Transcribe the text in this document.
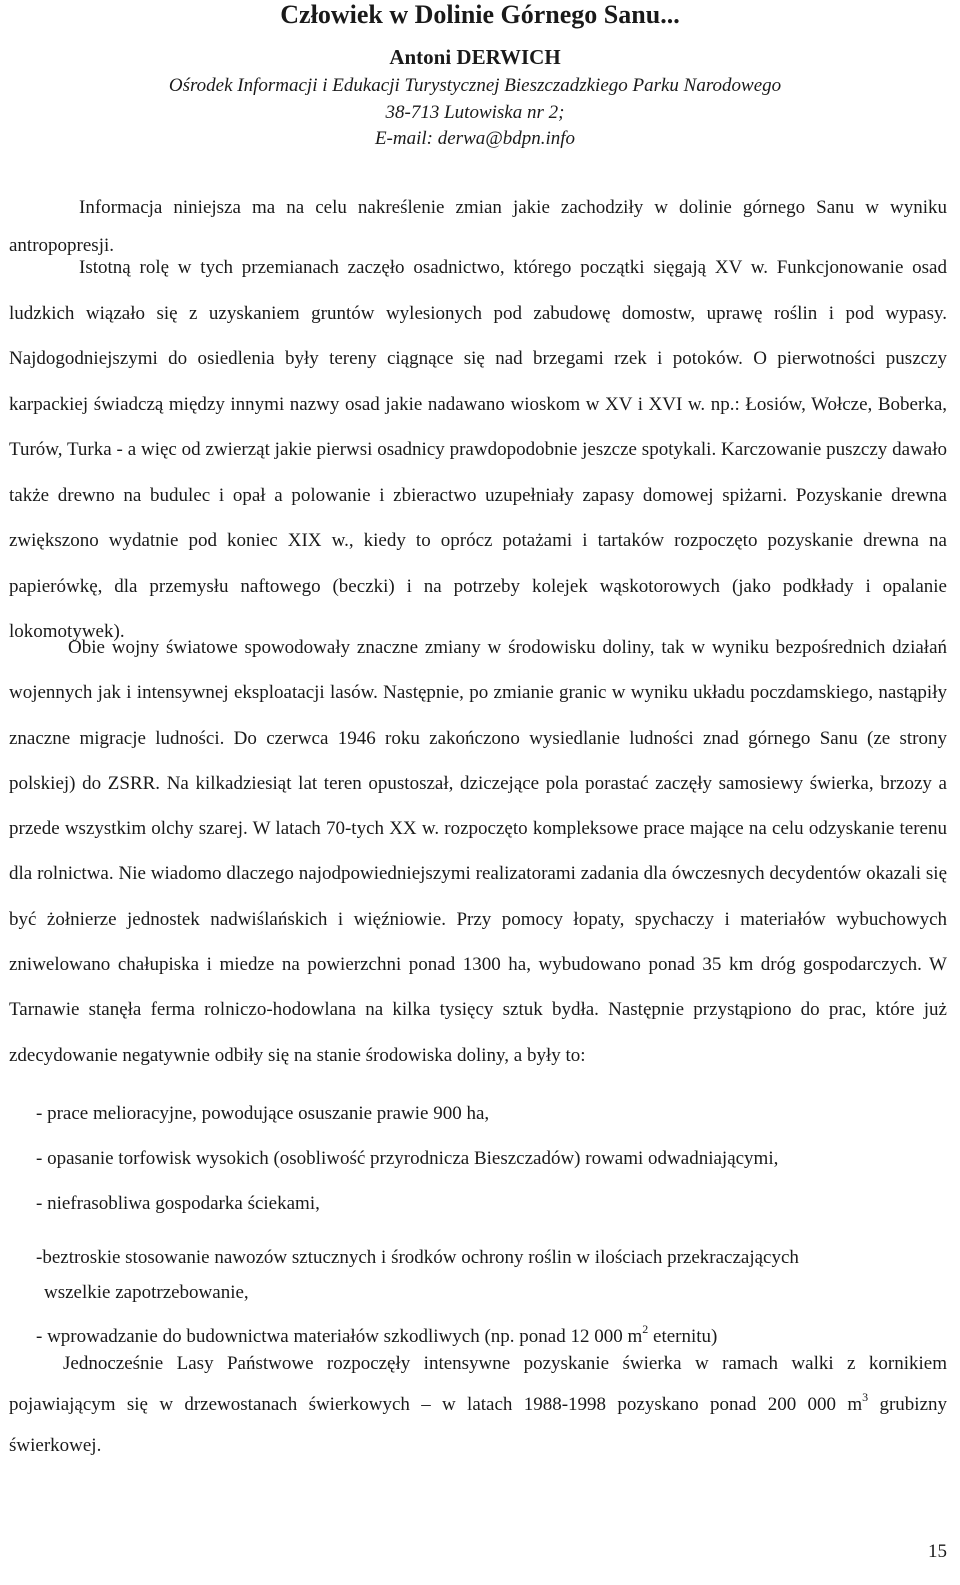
Człowiek w Dolinie Górnego Sanu...
Antoni DERWICH
Ośrodek Informacji i Edukacji Turystycznej Bieszczadzkiego Parku Narodowego
38-713 Lutowiska nr 2;
E-mail: derwa@bdpn.info

Informacja niniejsza ma na celu nakreślenie zmian jakie zachodziły w dolinie górnego Sanu w wyniku antropopresji.

Istotną rolę w tych przemianach zaczęło osadnictwo, którego początki sięgają XV w. Funkcjonowanie osad ludzkich wiązało się z uzyskaniem gruntów wylesionych pod zabudowę domostw, uprawę roślin i pod wypasy. Najdogodniejszymi do osiedlenia były tereny ciągnące się nad brzegami rzek i potoków. O pierwotności puszczy karpackiej świadczą między innymi nazwy osad jakie nadawano wioskom w XV i XVI w. np.: Łosiów, Wołcze, Boberka, Turów, Turka - a więc od zwierząt jakie pierwsi osadnicy prawdopodobnie jeszcze spotykali. Karczowanie puszczy dawało także drewno na budulec i opał a polowanie i zbieractwo uzupełniały zapasy domowej spiżarni. Pozyskanie drewna zwiększono wydatnie pod koniec XIX w., kiedy to oprócz potażami i tartaków rozpoczęto pozyskanie drewna na papierówkę, dla przemysłu naftowego (beczki) i na potrzeby kolejek wąskotorowych (jako podkłady i opalanie lokomotywek).

Obie wojny światowe spowodowały znaczne zmiany w środowisku doliny, tak w wyniku bezpośrednich działań wojennych jak i intensywnej eksploatacji lasów. Następnie, po zmianie granic w wyniku układu poczdamskiego, nastąpiły znaczne migracje ludności. Do czerwca 1946 roku zakończono wysiedlanie ludności znad górnego Sanu (ze strony polskiej) do ZSRR. Na kilkadziesiąt lat teren opustoszał, dziczejące pola porastać zaczęły samosiewy świerka, brzozy a przede wszystkim olchy szarej. W latach 70-tych XX w. rozpoczęto kompleksowe prace mające na celu odzyskanie terenu dla rolnictwa. Nie wiadomo dlaczego najodpowiedniejszymi realizatorami zadania dla ówczesnych decydentów okazali się być żołnierze jednostek nadwiślańskich i więźniowie. Przy pomocy łopaty, spychaczy i materiałów wybuchowych zniwelowano chałupiska i miedze na powierzchni ponad 1300 ha, wybudowano ponad 35 km dróg gospodarczych. W Tarnawie stanęła ferma rolniczo-hodowlana na kilka tysięcy sztuk bydła. Następnie przystąpiono do prac, które już zdecydowanie negatywnie odbiły się na stanie środowiska doliny, a były to:

- prace melioracyjne, powodujące osuszanie prawie 900 ha,
- opasanie torfowisk wysokich (osobliwość przyrodnicza Bieszczadów) rowami odwadniającymi,
- niefrasobliwa gospodarka ściekami,
-beztroskie stosowanie nawozów sztucznych i środków ochrony roślin w ilościach przekraczających
wszelkie zapotrzebowanie,
- wprowadzanie do budownictwa materiałów szkodliwych (np. ponad 12 000 $m^2$ eternitu)

Jednocześnie Lasy Państwowe rozpoczęły intensywne pozyskanie świerka w ramach walki z kornikiem pojawiającym się w drzewostanach świerkowych – w latach 1988-1998 pozyskano ponad 200 000 $m^3$ grubizny świerkowej.

15
